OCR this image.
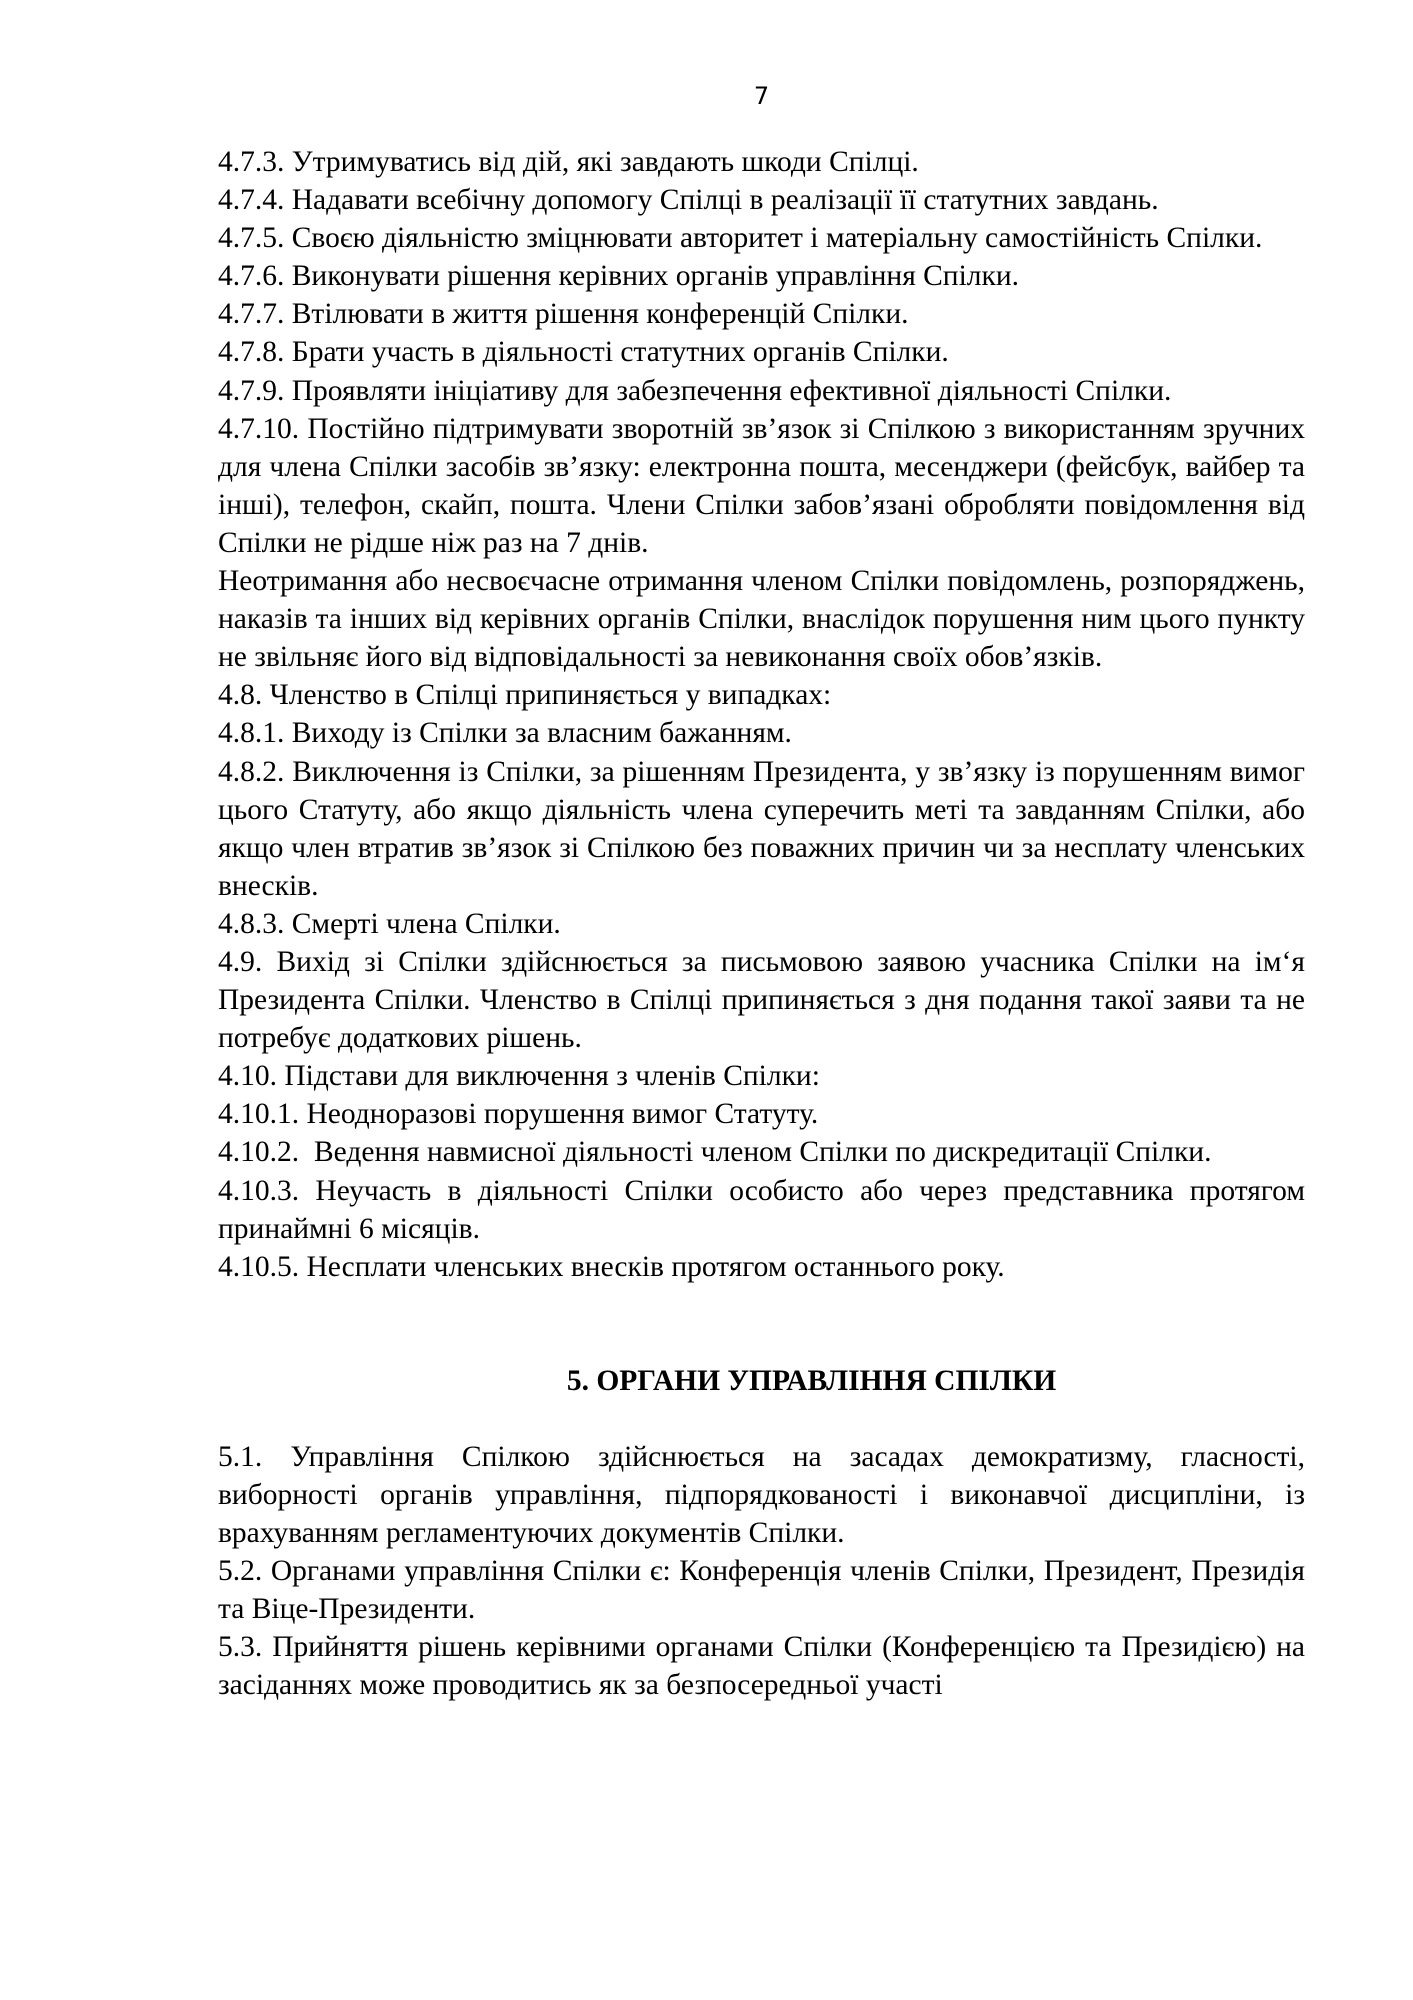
7

4.7.3. Утримуватись від дій, які завдають шкоди Спілці.

4.7.4. Надавати всебічну допомогу Спілці в реалізації її статутних завдань.

4.7.5. Своєю діяльністю зміцнювати авторитет і матеріальну самостійність Спілки.

4.7.6. Виконувати рішення керівних органів управління Спілки.

4.7.7. Втілювати в життя рішення конференцій Спілки.

4.7.8. Брати участь в діяльності статутних органів Спілки.

4.7.9. Проявляти ініціативу для забезпечення ефективної діяльності Спілки.

4.7.10. Постійно підтримувати зворотній зв’язок зі Спілкою з використанням зручних для члена Спілки засобів зв’язку: електронна пошта, месенджери (фейсбук, вайбер та інші), телефон, скайп, пошта. Члени Спілки забов’язані обробляти повідомлення від Спілки не рідше ніж раз на 7 днів.

Неотримання або несвоєчасне отримання членом Спілки повідомлень, розпоряджень, наказів та інших від керівних органів Спілки, внаслідок порушення ним цього пункту не звільняє його від відповідальності за невиконання своїх обов’язків.

4.8. Членство в Спілці припиняється у випадках:

4.8.1. Виходу із Спілки за власним бажанням.

4.8.2. Виключення із Спілки, за рішенням Президента, у зв’язку із порушенням вимог цього Статуту, або якщо діяльність члена суперечить меті та завданням Спілки, або якщо член втратив зв’язок зі Спілкою без поважних причин чи за несплату членських внесків.

4.8.3. Смерті члена Спілки.

4.9. Вихід зі Спілки здійснюється за письмовою заявою учасника Спілки на ім‘я Президента Спілки. Членство в Спілці припиняється з дня подання такої заяви та не потребує додаткових рішень.

4.10. Підстави для виключення з членів Спілки:

4.10.1. Неодноразові порушення вимог Статуту.

4.10.2. Ведення навмисної діяльності членом Спілки по дискредитації Спілки.

4.10.3. Неучасть в діяльності Спілки особисто або через представника протягом принаймні 6 місяців.

4.10.5. Несплати членських внесків протягом останнього року.

5. ОРГАНИ УПРАВЛІННЯ СПІЛКИ

5.1. Управління Спілкою здійснюється на засадах демократизму, гласності, виборності органів управління, підпорядкованості і виконавчої дисципліни, із врахуванням регламентуючих документів Спілки.

5.2. Органами управління Спілки є: Конференція членів Спілки, Президент, Президія та Віце-Президенти.

5.3. Прийняття рішень керівними органами Спілки (Конференцією та Президією) на засіданнях може проводитись як за безпосередньої участі
